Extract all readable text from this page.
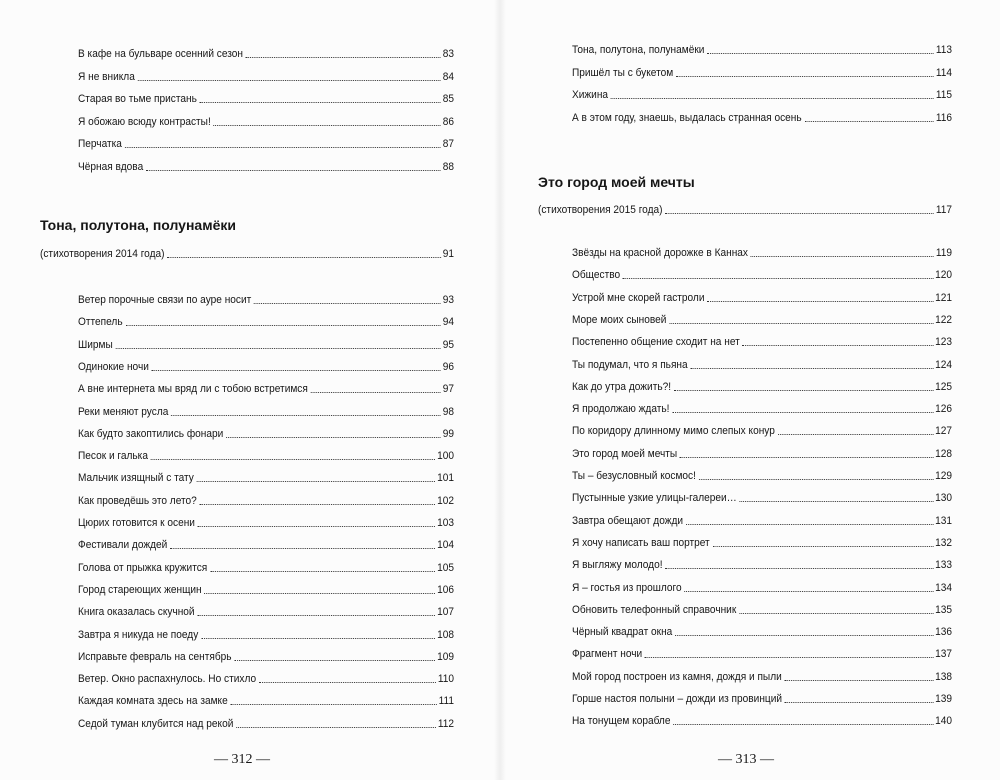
Тона, полутона, полунамёки
— 312 —
В кафе на бульваре осенний сезон	83
Я не вникла	84
Старая во тьме пристань	85
Я обожаю всюду контрасты!	86
Перчатка	87
Чёрная вдова	88
(стихотворения 2014 года)	91
Ветер порочные связи по ауре носит	93
Оттепель	94
Ширмы	95
Одинокие ночи	96
А вне интернета мы вряд ли с тобою встретимся	97
Реки меняют русла	98
Как будто закоптились фонари	99
Песок и галька	100
Мальчик изящный с тату	101
Как проведёшь это лето?	102
Цюрих готовится к осени	103
Фестивали дождей	104
Голова от прыжка кружится	105
Город стареющих женщин	106
Книга оказалась скучной	107
Завтра я никуда не поеду	108
Исправьте февраль на сентябрь	109
Ветер. Окно распахнулось. Но стихло	110
Каждая комната здесь на замке	111
Седой туман клубится над рекой	112
Это город моей мечты
— 313 —
Тона, полутона, полунамёки	113
Пришёл ты с букетом	114
Хижина	115
А в этом году, знаешь, выдалась странная осень	116
(стихотворения 2015 года)	117
Звёзды на красной дорожке в Каннах	119
Общество	120
Устрой мне скорей гастроли	121
Море моих сыновей	122
Постепенно общение сходит на нет	123
Ты подумал, что я пьяна	124
Как до утра дожить?!	125
Я продолжаю ждать!	126
По коридору длинному мимо слепых конур	127
Это город моей мечты	128
Ты – безусловный космос!	129
Пустынные узкие улицы-галереи…	130
Завтра обещают дожди	131
Я хочу написать ваш портрет	132
Я выгляжу молодо!	133
Я – гостья из прошлого	134
Обновить телефонный справочник	135
Чёрный квадрат окна	136
Фрагмент ночи	137
Мой город построен из камня, дождя и пыли	138
Горше настоя полыни – дожди из провинций	139
На тонущем корабле	140
